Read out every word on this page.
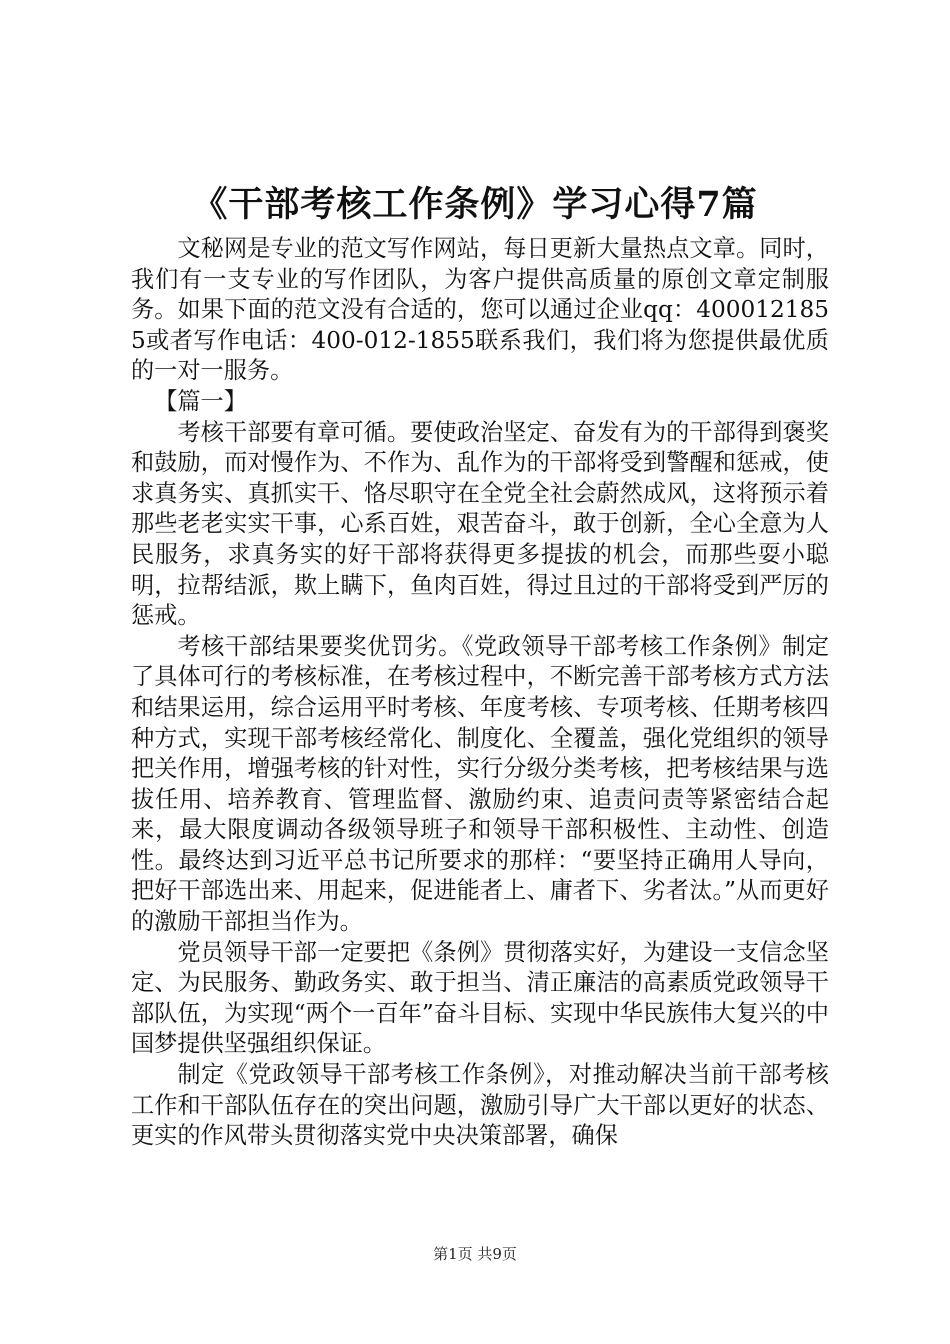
《干部考核工作条例》学习心得7篇

文秘网是专业的范文写作网站，每日更新大量热点文章。同时，我们有一支专业的写作团队，为客户提供高质量的原创文章定制服务。如果下面的范文没有合适的，您可以通过企业qq：4000121855或者写作电话：400-012-1855联系我们，我们将为您提供最优质的一对一服务。

【篇一】

考核干部要有章可循。要使政治坚定、奋发有为的干部得到褒奖和鼓励，而对慢作为、不作为、乱作为的干部将受到警醒和惩戒，使求真务实、真抓实干、恪尽职守在全党全社会蔚然成风，这将预示着那些老老实实干事，心系百姓，艰苦奋斗，敢于创新，全心全意为人民服务，求真务实的好干部将获得更多提拔的机会，而那些耍小聪明，拉帮结派，欺上瞒下，鱼肉百姓，得过且过的干部将受到严厉的惩戒。

考核干部结果要奖优罚劣。《党政领导干部考核工作条例》制定了具体可行的考核标准，在考核过程中，不断完善干部考核方式方法和结果运用，综合运用平时考核、年度考核、专项考核、任期考核四种方式，实现干部考核经常化、制度化、全覆盖，强化党组织的领导把关作用，增强考核的针对性，实行分级分类考核，把考核结果与选拔任用、培养教育、管理监督、激励约束、追责问责等紧密结合起来，最大限度调动各级领导班子和领导干部积极性、主动性、创造性。最终达到习近平总书记所要求的那样：“要坚持正确用人导向，把好干部选出来、用起来，促进能者上、庸者下、劣者汰。”从而更好的激励干部担当作为。

党员领导干部一定要把《条例》贯彻落实好，为建设一支信念坚定、为民服务、勤政务实、敢于担当、清正廉洁的高素质党政领导干部队伍，为实现“两个一百年”奋斗目标、实现中华民族伟大复兴的中国梦提供坚强组织保证。

制定《党政领导干部考核工作条例》，对推动解决当前干部考核工作和干部队伍存在的突出问题，激励引导广大干部以更好的状态、更实的作风带头贯彻落实党中央决策部署，确保

第1页 共9页
